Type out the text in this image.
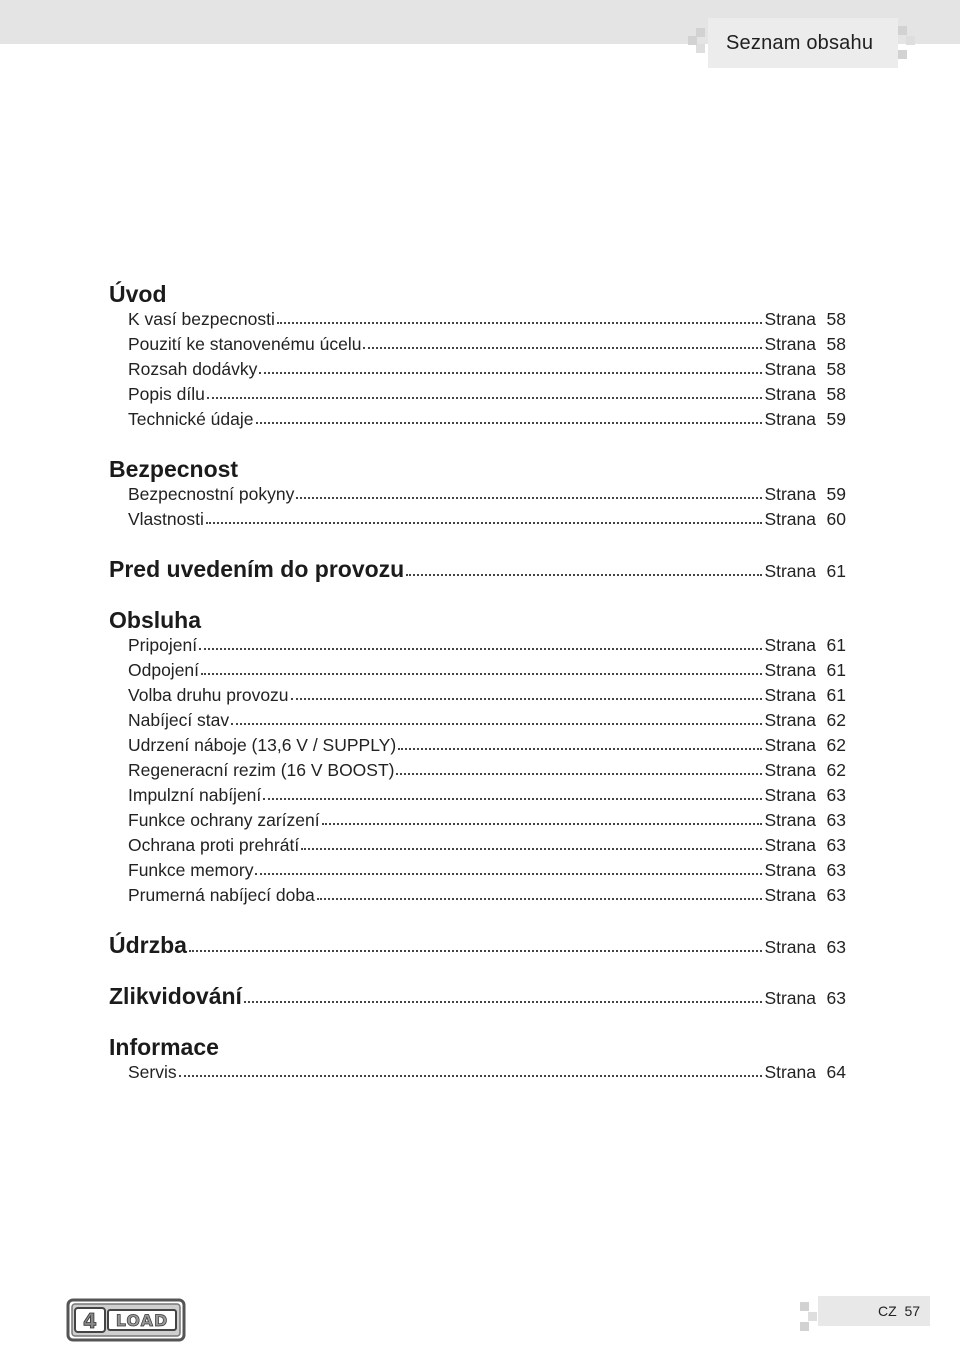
Seznam obsahu
Úvod
K vasí bezpecnosti	Strana 58
Pouzití ke stanovenému úcelu	Strana 58
Rozsah dodávky	Strana 58
Popis dílu	Strana 58
Technické údaje	Strana 59
Bezpecnost
Bezpecnostní pokyny	Strana 59
Vlastnosti	Strana 60
Pred uvedením do provozu	Strana 61
Obsluha
Pripojení	Strana 61
Odpojení	Strana 61
Volba druhu provozu	Strana 61
Nabíjecí stav	Strana 62
Udrzení náboje (13,6 V / SUPPLY)	Strana 62
Regeneracní rezim (16 V BOOST)	Strana 62
Impulzní nabíjení	Strana 63
Funkce ochrany zarízení	Strana 63
Ochrana proti prehrátí	Strana 63
Funkce memory	Strana 63
Prumerná nabíjecí doba	Strana 63
Údrzba	Strana 63
Zlikvidování	Strana 63
Informace
Servis	Strana 64
4 LOAD	CZ  57
